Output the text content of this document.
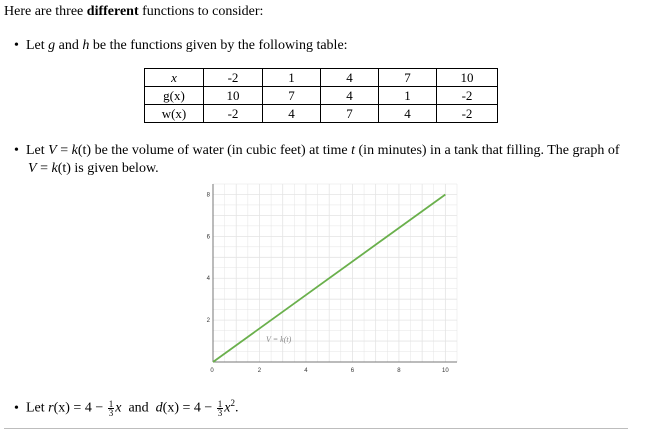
Here are three different functions to consider:
• Let g and h be the functions given by the following table:
x	-2	1	4	7	10
g(x)	10	7	4	1	-2
w(x)	-2	4	7	4	-2
• Let V = k(t) be the volume of water (in cubic feet) at time t (in minutes) in a tank that filling. The graph of
V = k(t) is given below.
0	2	4	6	8	10
2
4
6
8
V = k(t)
• Let $r(x) = 4 - \frac{1}{3}$ x  and  $d(x) = 4 - \frac{1}{3} x^2$.
